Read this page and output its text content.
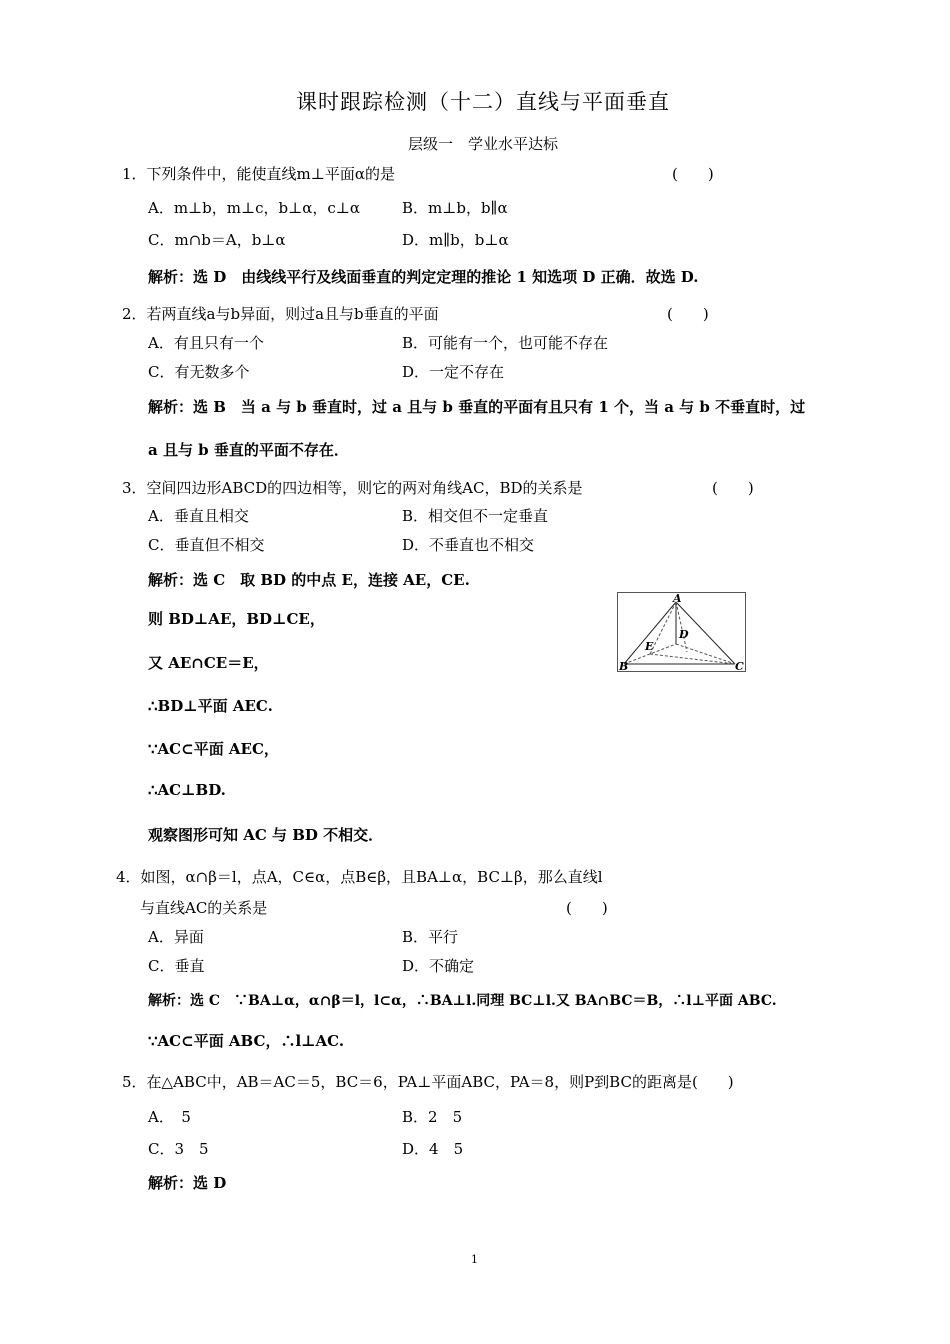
课时跟踪检测（十二）直线与平面垂直
层级一　学业水平达标
1．下列条件中，能使直线m⊥平面α的是	(　　)
A．m⊥b，m⊥c，b⊥α，c⊥α	B．m⊥b，b∥α
C．m∩b＝A，b⊥α	D．m∥b，b⊥α
解析：选 D　由线线平行及线面垂直的判定定理的推论 1 知选项 D 正确．故选 D.
2．若两直线a与b异面，则过a且与b垂直的平面	(　　)
A．有且只有一个	B．可能有一个，也可能不存在
C．有无数多个	D．一定不存在
解析：选 B　当 a 与 b 垂直时，过 a 且与 b 垂直的平面有且只有 1 个，当 a 与 b 不垂直时，过
a 且与 b 垂直的平面不存在．
3．空间四边形ABCD的四边相等，则它的两对角线AC，BD的关系是	(　　)
A．垂直且相交	B．相交但不一定垂直
C．垂直但不相交	D．不垂直也不相交
解析：选 C　取 BD 的中点 E，连接 AE，CE.
则 BD⊥AE，BD⊥CE，
又 AE∩CE＝E，
∴BD⊥平面 AEC.
∵AC⊂平面 AEC，
∴AC⊥BD.
观察图形可知 AC 与 BD 不相交．
A
D
E
B	C
4．如图，α∩β＝l，点A，C∈α，点B∈β，且BA⊥α，BC⊥β，那么直线l
与直线AC的关系是	(　　)
A．异面	B．平行
C．垂直	D．不确定
解析：选 C　∵BA⊥α，α∩β＝l，l⊂α，∴BA⊥l.同理 BC⊥l.又 BA∩BC＝B，∴l⊥平面 ABC.
∵AC⊂平面 ABC，∴l⊥AC.
5．在△ABC中，AB＝AC＝5，BC＝6，PA⊥平面ABC，PA＝8，则P到BC的距离是(　　)
A．　5	B．2　5
C．3　5	D．4　5
解析：选 D
1
